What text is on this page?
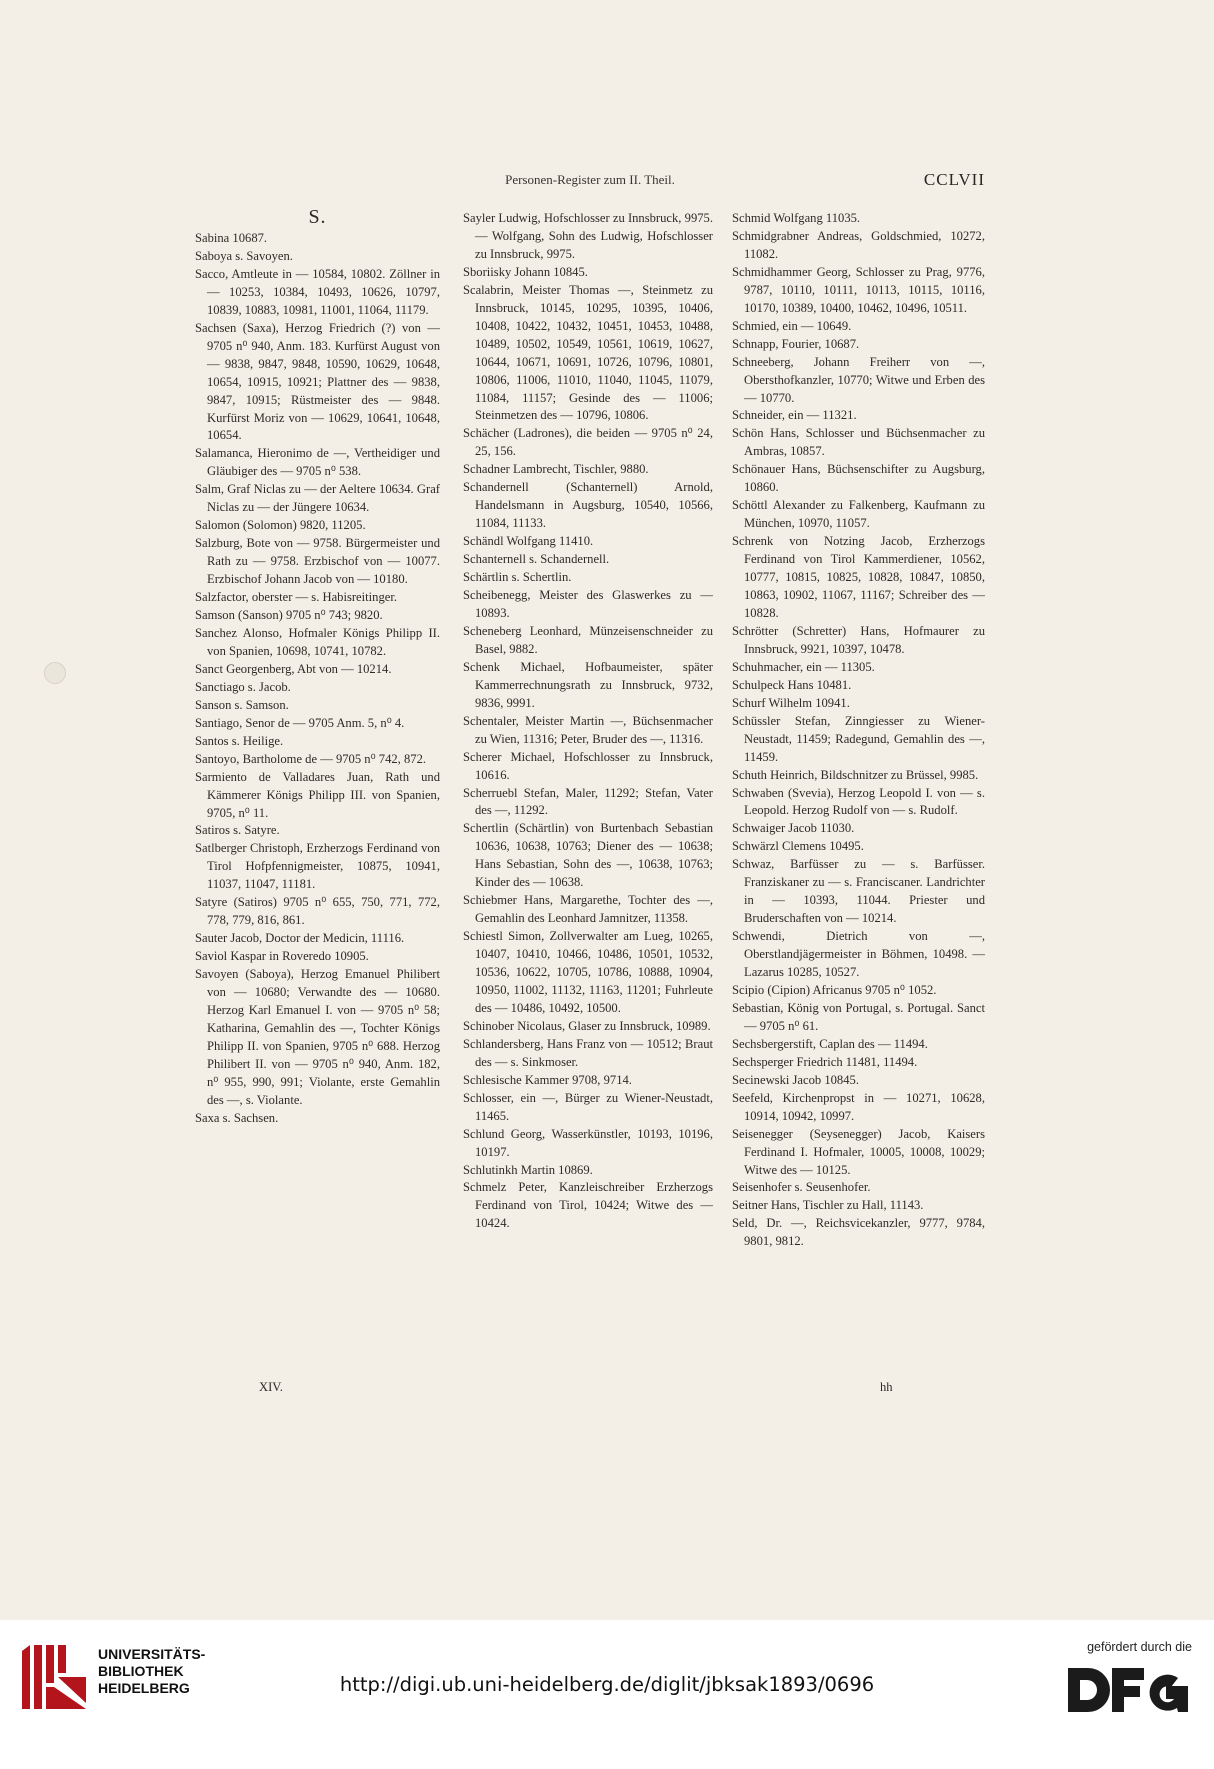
Personen-Register zum II. Theil.	CCLVII
S.
Sabina 10687.
Saboya s. Savoyen.
Sacco, Amtleute in — 10584, 10802. Zöllner in — 10253, 10384, 10493, 10626, 10797, 10839, 10883, 10981, 11001, 11064, 11179.
Sachsen (Saxa), Herzog Friedrich (?) von — 9705 n⁰ 940, Anm. 183. Kurfürst August von — 9838, 9847, 9848, 10590, 10629, 10648, 10654, 10915, 10921; Plattner des — 9838, 9847, 10915; Rüstmeister des — 9848. Kurfürst Moriz von — 10629, 10641, 10648, 10654.
Salamanca, Hieronimo de —, Vertheidiger und Gläubiger des — 9705 n⁰ 538.
Salm, Graf Niclas zu — der Aeltere 10634. Graf Niclas zu — der Jüngere 10634.
Salomon (Solomon) 9820, 11205.
Salzburg, Bote von — 9758. Bürgermeister und Rath zu — 9758. Erzbischof von — 10077. Erzbischof Johann Jacob von — 10180.
Salzfactor, oberster — s. Habisreitinger.
Samson (Sanson) 9705 n⁰ 743; 9820.
Sanchez Alonso, Hofmaler Königs Philipp II. von Spanien, 10698, 10741, 10782.
Sanct Georgenberg, Abt von — 10214.
Sanctiago s. Jacob.
Sanson s. Samson.
Santiago, Senor de — 9705 Anm. 5, n⁰ 4.
Santos s. Heilige.
Santoyo, Bartholome de — 9705 n⁰ 742, 872.
Sarmiento de Valladares Juan, Rath und Kämmerer Königs Philipp III. von Spanien, 9705, n⁰ 11.
Satiros s. Satyre.
Satlberger Christoph, Erzherzogs Ferdinand von Tirol Hofpfennigmeister, 10875, 10941, 11037, 11047, 11181.
Satyre (Satiros) 9705 n⁰ 655, 750, 771, 772, 778, 779, 816, 861.
Sauter Jacob, Doctor der Medicin, 11116.
Saviol Kaspar in Roveredo 10905.
Savoyen (Saboya), Herzog Emanuel Philibert von — 10680; Verwandte des — 10680. Herzog Karl Emanuel I. von — 9705 n⁰ 58; Katharina, Gemahlin des —, Tochter Königs Philipp II. von Spanien, 9705 n⁰ 688. Herzog Philibert II. von — 9705 n⁰ 940, Anm. 182, n⁰ 955, 990, 991; Violante, erste Gemahlin des —, s. Violante.
Saxa s. Sachsen.
Sayler Ludwig, Hofschlosser zu Innsbruck, 9975. — Wolfgang, Sohn des Ludwig, Hofschlosser zu Innsbruck, 9975.
Sboriisky Johann 10845.
Scalabrin, Meister Thomas —, Steinmetz zu Innsbruck, 10145, 10295, 10395, 10406, 10408, 10422, 10432, 10451, 10453, 10488, 10489, 10502, 10549, 10561, 10619, 10627, 10644, 10671, 10691, 10726, 10796, 10801, 10806, 11006, 11010, 11040, 11045, 11079, 11084, 11157; Gesinde des — 11006; Steinmetzen des — 10796, 10806.
Schächer (Ladrones), die beiden — 9705 n⁰ 24, 25, 156.
Schadner Lambrecht, Tischler, 9880.
Schandernell (Schanternell) Arnold, Handelsmann in Augsburg, 10540, 10566, 11084, 11133.
Schändl Wolfgang 11410.
Schanternell s. Schandernell.
Schärtlin s. Schertlin.
Scheibenegg, Meister des Glaswerkes zu — 10893.
Scheneberg Leonhard, Münzeisenschneider zu Basel, 9882.
Schenk Michael, Hofbaumeister, später Kammerrechnungsrath zu Innsbruck, 9732, 9836, 9991.
Schentaler, Meister Martin —, Büchsenmacher zu Wien, 11316; Peter, Bruder des —, 11316.
Scherer Michael, Hofschlosser zu Innsbruck, 10616.
Scherruebl Stefan, Maler, 11292; Stefan, Vater des —, 11292.
Schertlin (Schärtlin) von Burtenbach Sebastian 10636, 10638, 10763; Diener des — 10638; Hans Sebastian, Sohn des —, 10638, 10763; Kinder des — 10638.
Schiebmer Hans, Margarethe, Tochter des —, Gemahlin des Leonhard Jamnitzer, 11358.
Schiestl Simon, Zollverwalter am Lueg, 10265, 10407, 10410, 10466, 10486, 10501, 10532, 10536, 10622, 10705, 10786, 10888, 10904, 10950, 11002, 11132, 11163, 11201; Fuhrleute des — 10486, 10492, 10500.
Schinober Nicolaus, Glaser zu Innsbruck, 10989.
Schlandersberg, Hans Franz von — 10512; Braut des — s. Sinkmoser.
Schlesische Kammer 9708, 9714.
Schlosser, ein —, Bürger zu Wiener-Neustadt, 11465.
Schlund Georg, Wasserkünstler, 10193, 10196, 10197.
Schlutinkh Martin 10869.
Schmelz Peter, Kanzleischreiber Erzherzogs Ferdinand von Tirol, 10424; Witwe des — 10424.
Schmid Wolfgang 11035.
Schmidgrabner Andreas, Goldschmied, 10272, 11082.
Schmidhammer Georg, Schlosser zu Prag, 9776, 9787, 10110, 10111, 10113, 10115, 10116, 10170, 10389, 10400, 10462, 10496, 10511.
Schmied, ein — 10649.
Schnapp, Fourier, 10687.
Schneeberg, Johann Freiherr von —, Obersthofkanzler, 10770; Witwe und Erben des — 10770.
Schneider, ein — 11321.
Schön Hans, Schlosser und Büchsenmacher zu Ambras, 10857.
Schönauer Hans, Büchsenschifter zu Augsburg, 10860.
Schöttl Alexander zu Falkenberg, Kaufmann zu München, 10970, 11057.
Schrenk von Notzing Jacob, Erzherzogs Ferdinand von Tirol Kammerdiener, 10562, 10777, 10815, 10825, 10828, 10847, 10850, 10863, 10902, 11067, 11167; Schreiber des — 10828.
Schrötter (Schretter) Hans, Hofmaurer zu Innsbruck, 9921, 10397, 10478.
Schuhmacher, ein — 11305.
Schulpeck Hans 10481.
Schurf Wilhelm 10941.
Schüssler Stefan, Zinngiesser zu Wiener-Neustadt, 11459; Radegund, Gemahlin des —, 11459.
Schuth Heinrich, Bildschnitzer zu Brüssel, 9985.
Schwaben (Svevia), Herzog Leopold I. von — s. Leopold. Herzog Rudolf von — s. Rudolf.
Schwaiger Jacob 11030.
Schwärzl Clemens 10495.
Schwaz, Barfüsser zu — s. Barfüsser. Franziskaner zu — s. Franciscaner. Landrichter in — 10393, 11044. Priester und Bruderschaften von — 10214.
Schwendi, Dietrich von —, Oberstlandjägermeister in Böhmen, 10498. — Lazarus 10285, 10527.
Scipio (Cipion) Africanus 9705 n⁰ 1052.
Sebastian, König von Portugal, s. Portugal. Sanct — 9705 n⁰ 61.
Sechsbergerstift, Caplan des — 11494.
Sechsperger Friedrich 11481, 11494.
Secinewski Jacob 10845.
Seefeld, Kirchenpropst in — 10271, 10628, 10914, 10942, 10997.
Seisenegger (Seysenegger) Jacob, Kaisers Ferdinand I. Hofmaler, 10005, 10008, 10029; Witwe des — 10125.
Seisenhofer s. Seusenhofer.
Seitner Hans, Tischler zu Hall, 11143.
Seld, Dr. —, Reichsvicekanzler, 9777, 9784, 9801, 9812.
XIV.	hh
UNIVERSITÄTS-
BIBLIOTHEK
HEIDELBERG	http://digi.ub.uni-heidelberg.de/diglit/jbksak1893/0696
gefördert durch die
